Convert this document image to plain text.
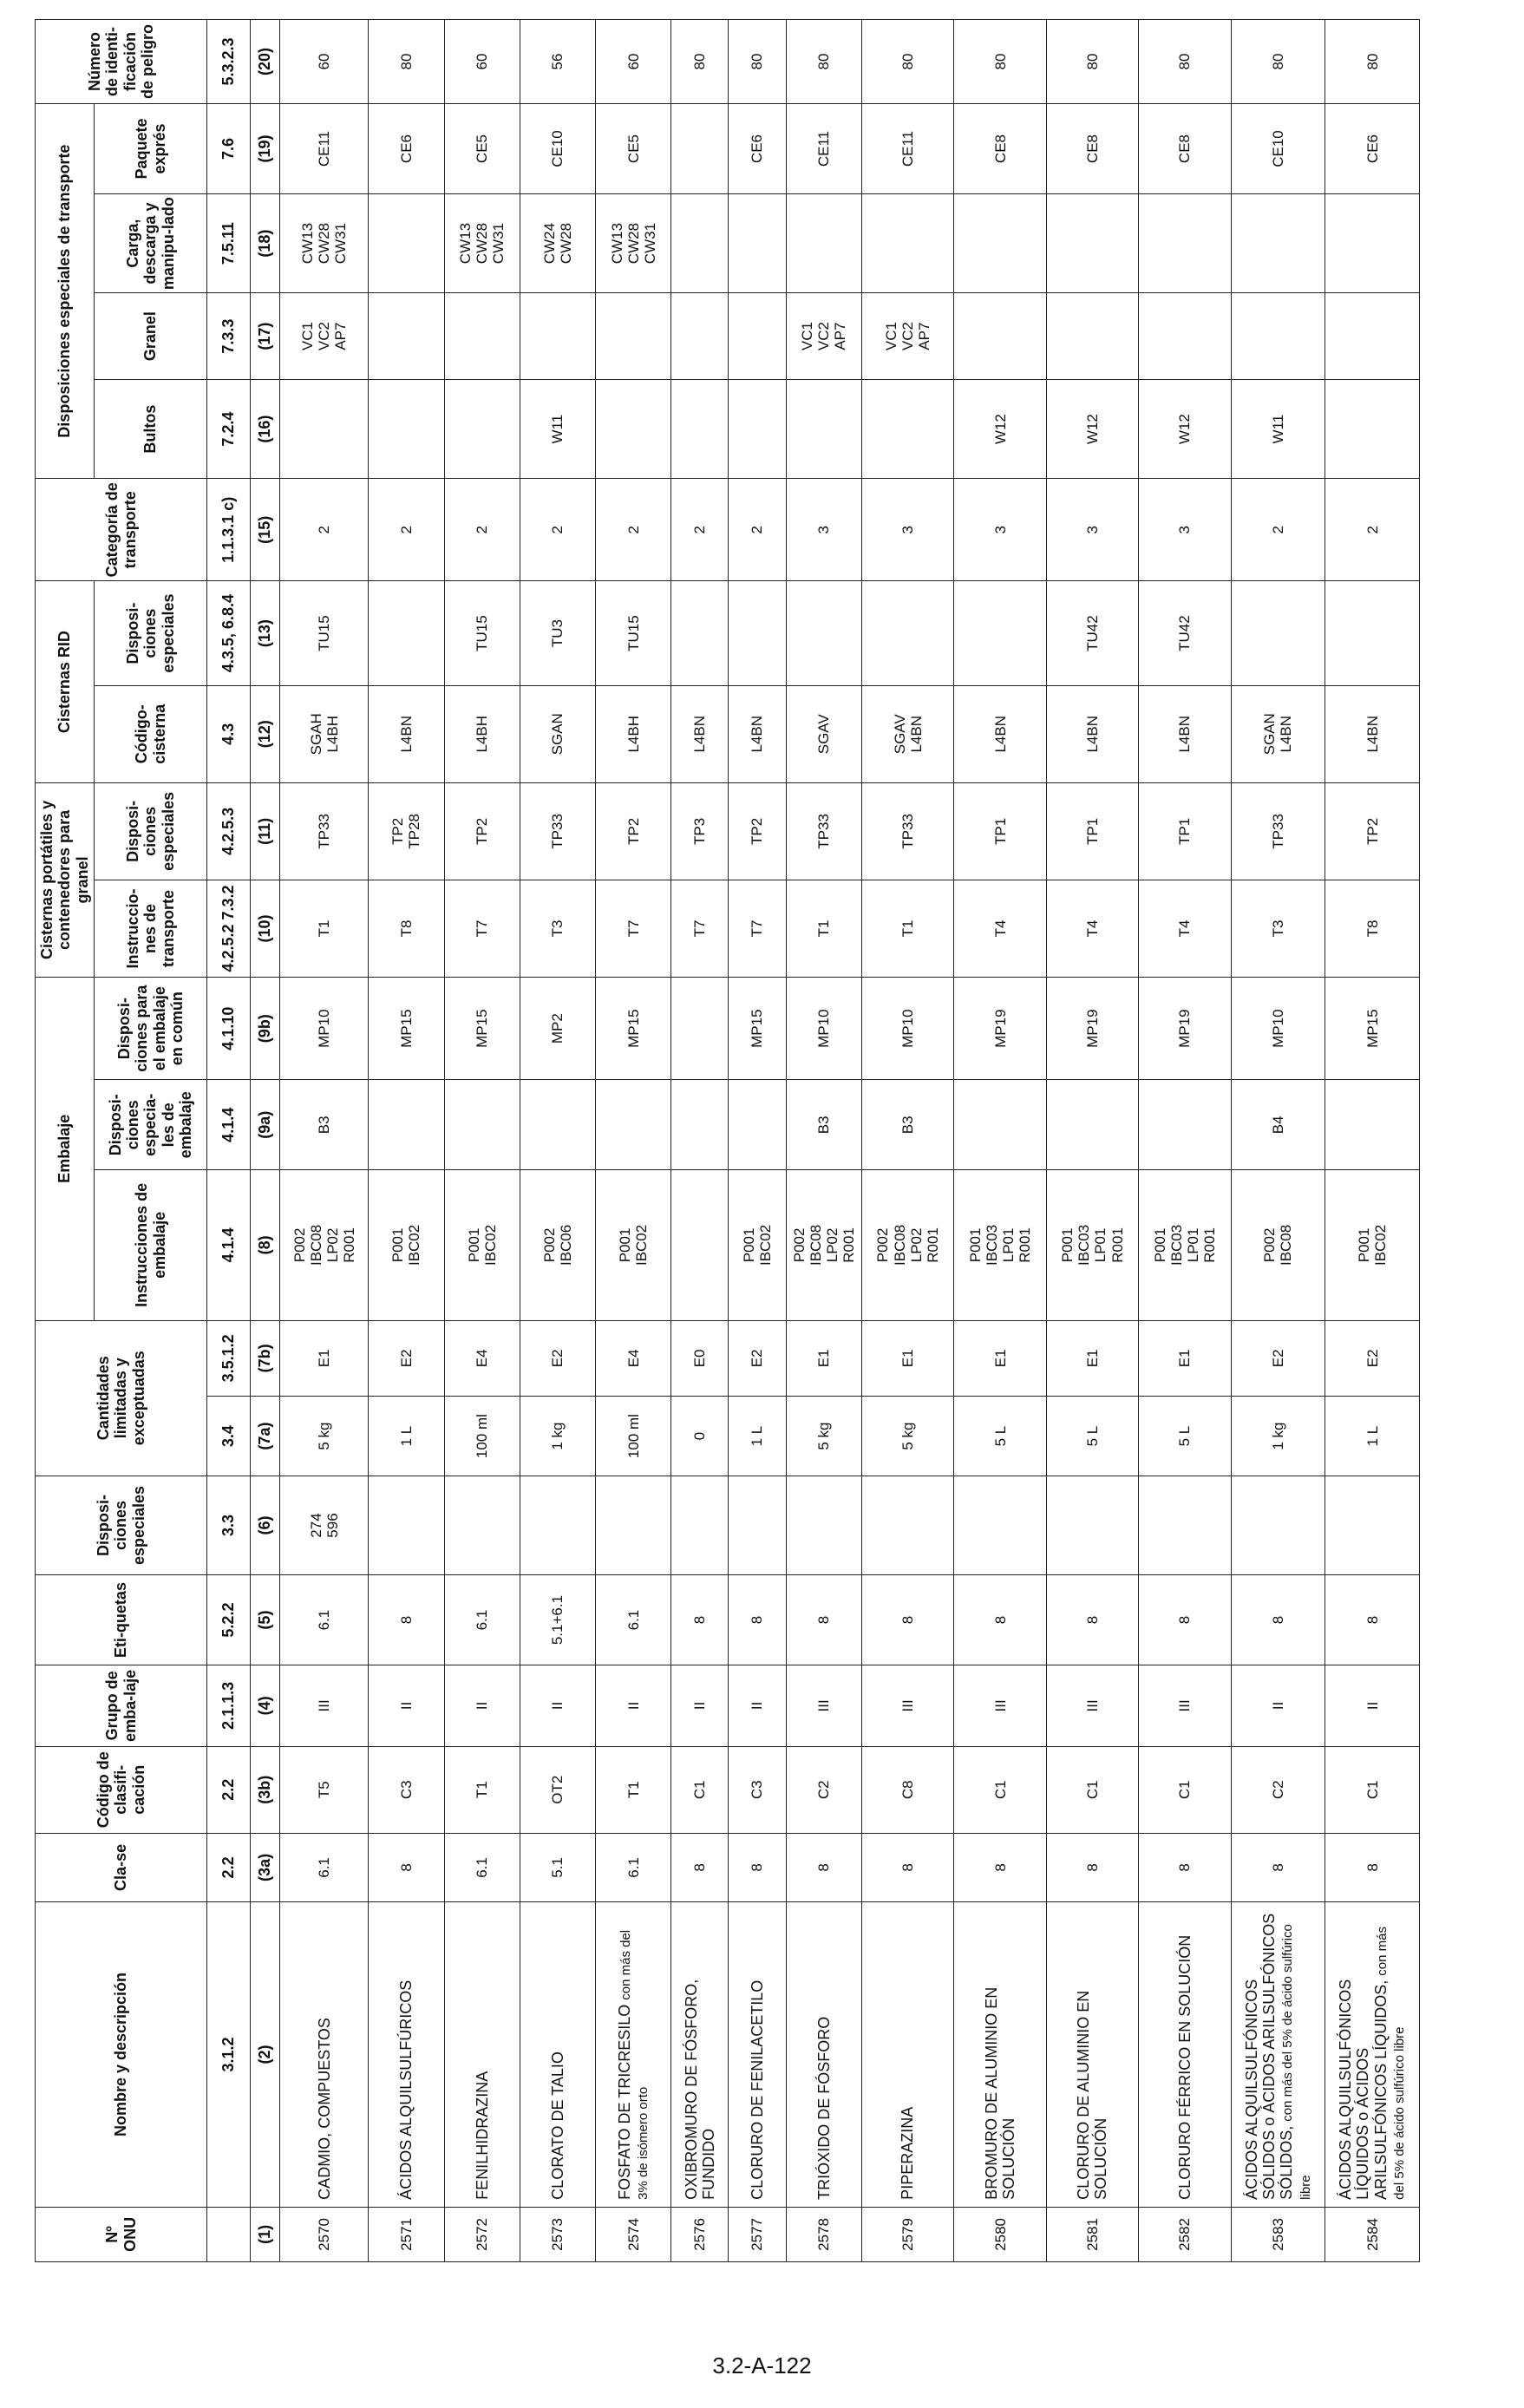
Nº ONU	Nombre y descripción	Cla-se	Código de clasifi-cación	Grupo de emba-laje	Eti-quetas	Disposi-ciones especiales	Cantidades limitadas y exceptuadas		Embalaje			Cisternas portátiles y contenedores para granel		Cisternas RID		Categoría de transporte	Disposiciones especiales de transporte				Número de identi-ficación de peligro
									Instrucciones de embalaje	Disposi-ciones especia-les de embalaje	Disposi-ciones para el embalaje en común	Instruccio-nes de transporte	Disposi-ciones especiales	Código-cisterna	Disposi-ciones especiales		Bultos	Granel	Carga, descarga y manipu-lado	Paquete exprés	
	3.1.2	2.2	2.2	2.1.1.3	5.2.2	3.3	3.4	3.5.1.2	4.1.4	4.1.4	4.1.10	4.2.5.2 7.3.2	4.2.5.3	4.3	4.3.5, 6.8.4	1.1.3.1 c)	7.2.4	7.3.3	7.5.11	7.6	5.3.2.3
(1)	(2)	(3a)	(3b)	(4)	(5)	(6)	(7a)	(7b)	(8)	(9a)	(9b)	(10)	(11)	(12)	(13)	(15)	(16)	(17)	(18)	(19)	(20)
2570	CADMIO, COMPUESTOS	6.1	T5	III	6.1	274
596	5 kg	E1	P002
IBC08
LP02
R001	B3	MP10	T1	TP33	SGAH
L4BH	TU15	2		VC1
VC2
AP7	CW13
CW28
CW31	CE11	60
2571	ÁCIDOS ALQUILSULFÚRICOS	8	C3	II	8		1 L	E2	P001
IBC02		MP15	T8	TP2
TP28	L4BN		2				CE6	80
2572	FENILHIDRAZINA	6.1	T1	II	6.1		100 ml	E4	P001
IBC02		MP15	T7	TP2	L4BH	TU15	2			CW13
CW28
CW31	CE5	60
2573	CLORATO DE TALIO	5.1	OT2	II	5.1+6.1		1 kg	E2	P002
IBC06		MP2	T3	TP33	SGAN	TU3	2	W11		CW24
CW28	CE10	56
2574	FOSFATO DE TRICRESILO con más del 3% de isómero orto	6.1	T1	II	6.1		100 ml	E4	P001
IBC02		MP15	T7	TP2	L4BH	TU15	2			CW13
CW28
CW31	CE5	60
2576	OXIBROMURO DE FÓSFORO, FUNDIDO	8	C1	II	8		0	E0				T7	TP3	L4BN		2					80
2577	CLORURO DE FENILACETILO	8	C3	II	8		1 L	E2	P001
IBC02		MP15	T7	TP2	L4BN		2				CE6	80
2578	TRIÓXIDO DE FÓSFORO	8	C2	III	8		5 kg	E1	P002
IBC08
LP02
R001	B3	MP10	T1	TP33	SGAV		3		VC1
VC2
AP7		CE11	80
2579	PIPERAZINA	8	C8	III	8		5 kg	E1	P002
IBC08
LP02
R001	B3	MP10	T1	TP33	SGAV
L4BN		3		VC1
VC2
AP7		CE11	80
2580	BROMURO DE ALUMINIO EN SOLUCIÓN	8	C1	III	8		5 L	E1	P001
IBC03
LP01
R001		MP19	T4	TP1	L4BN		3	W12			CE8	80
2581	CLORURO DE ALUMINIO EN SOLUCIÓN	8	C1	III	8		5 L	E1	P001
IBC03
LP01
R001		MP19	T4	TP1	L4BN	TU42	3	W12			CE8	80
2582	CLORURO FÉRRICO EN SOLUCIÓN	8	C1	III	8		5 L	E1	P001
IBC03
LP01
R001		MP19	T4	TP1	L4BN	TU42	3	W12			CE8	80
2583	ÁCIDOS ALQUILSULFÓNICOS SÓLIDOS o ÁCIDOS ARILSULFÓNICOS SÓLIDOS, con más del 5% de ácido sulfúrico libre	8	C2	II	8		1 kg	E2	P002
IBC08	B4	MP10	T3	TP33	SGAN
L4BN		2	W11			CE10	80
2584	ÁCIDOS ALQUILSULFÓNICOS LÍQUIDOS o ÁCIDOS ARILSULFÓNICOS LÍQUIDOS, con más del 5% de ácido sulfúrico libre	8	C1	II	8		1 L	E2	P001
IBC02		MP15	T8	TP2	L4BN		2				CE6	80
3.2-A-122
